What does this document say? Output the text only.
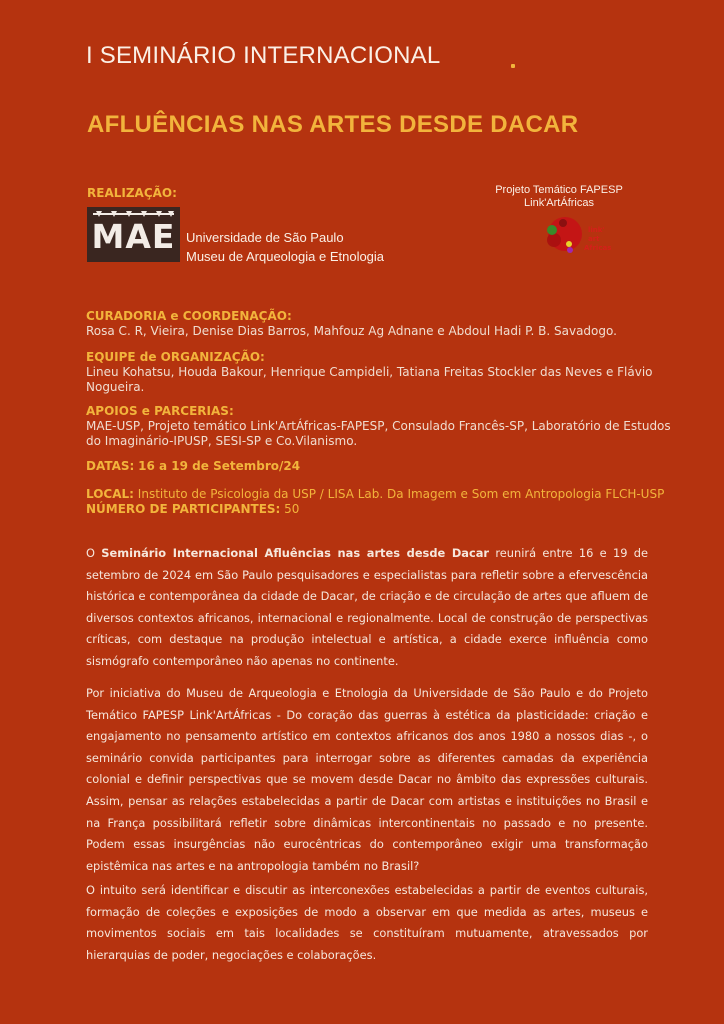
I SEMINÁRIO INTERNACIONAL
AFLUÊNCIAS NAS ARTES DESDE DACAR
REALIZAÇÃO:
MAE Universidade de São Paulo
Museu de Arqueologia e Etnologia
Projeto Temático FAPESP
Link'ArtÁfricas
link'
art
Africas
CURADORIA e COORDENAÇÃO:
Rosa C. R, Vieira, Denise Dias Barros, Mahfouz Ag Adnane e Abdoul Hadi P. B. Savadogo.
EQUIPE de ORGANIZAÇÃO:
Lineu Kohatsu, Houda Bakour, Henrique Campideli, Tatiana Freitas Stockler das Neves e Flávio Nogueira.
APOIOS e PARCERIAS:
MAE-USP, Projeto temático Link'ArtÁfricas-FAPESP, Consulado Francês-SP, Laboratório de Estudos do Imaginário-IPUSP, SESI-SP e Co.Vilanismo.
DATAS: 16 a 19 de Setembro/24
LOCAL: Instituto de Psicologia da USP / LISA Lab. Da Imagem e Som em Antropologia FLCH-USP
NÚMERO DE PARTICIPANTES: 50
O Seminário Internacional Afluências nas artes desde Dacar reunirá entre 16 e 19 de setembro de 2024 em São Paulo pesquisadores e especialistas para refletir sobre a efervescência histórica e contemporânea da cidade de Dacar, de criação e de circulação de artes que afluem de diversos contextos africanos, internacional e regionalmente. Local de construção de perspectivas críticas, com destaque na produção intelectual e artística, a cidade exerce influência como sismógrafo contemporâneo não apenas no continente.
Por iniciativa do Museu de Arqueologia e Etnologia da Universidade de São Paulo e do Projeto Temático FAPESP Link'ArtÁfricas - Do coração das guerras à estética da plasticidade: criação e engajamento no pensamento artístico em contextos africanos dos anos 1980 a nossos dias -, o seminário convida participantes para interrogar sobre as diferentes camadas da experiência colonial e definir perspectivas que se movem desde Dacar no âmbito das expressões culturais. Assim, pensar as relações estabelecidas a partir de Dacar com artistas e instituições no Brasil e na França possibilitará refletir sobre dinâmicas intercontinentais no passado e no presente. Podem essas insurgências não eurocêntricas do contemporâneo exigir uma transformação epistêmica nas artes e na antropologia também no Brasil?
O intuito será identificar e discutir as interconexões estabelecidas a partir de eventos culturais, formação de coleções e exposições de modo a observar em que medida as artes, museus e movimentos sociais em tais localidades se constituíram mutuamente, atravessados por hierarquias de poder, negociações e colaborações.
